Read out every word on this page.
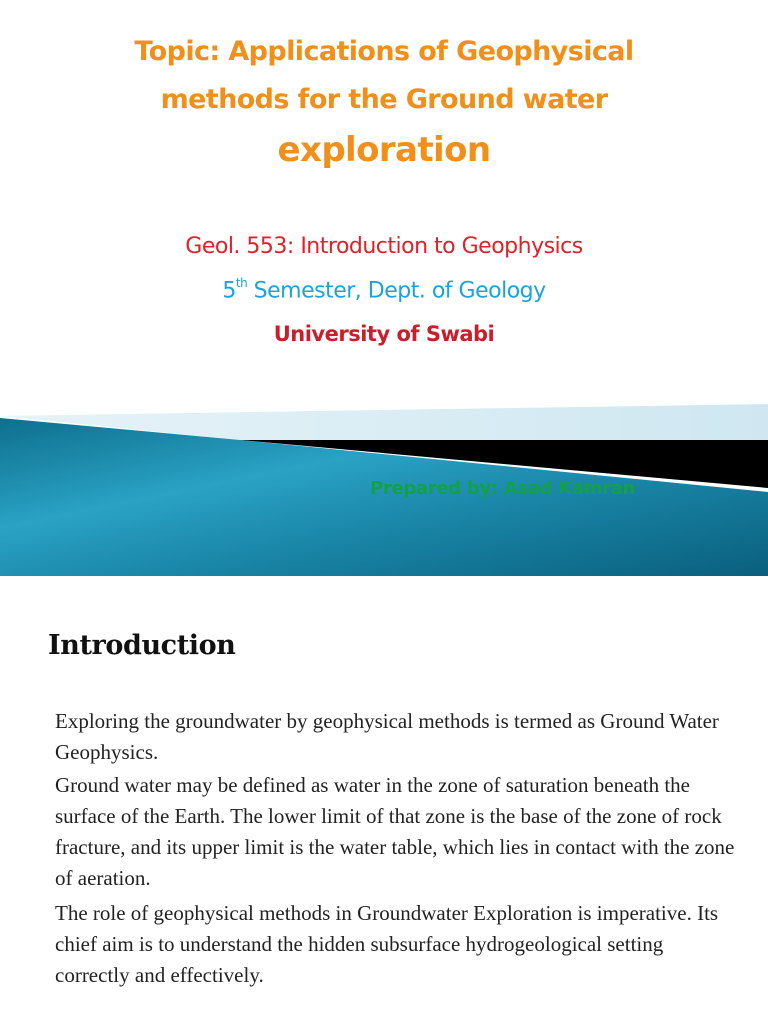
Topic: Applications of Geophysical
methods for the Ground water
exploration
Geol. 553: Introduction to Geophysics
5th Semester, Dept. of Geology
University of Swabi
Prepared by: Asad Kamran
Introduction

Exploring the groundwater by geophysical methods is termed as Ground Water Geophysics.

Ground water may be defined as water in the zone of saturation beneath the surface of the Earth. The lower limit of that zone is the base of the zone of rock fracture, and its upper limit is the water table, which lies in contact with the zone of aeration.

The role of geophysical methods in Groundwater Exploration is imperative. Its chief aim is to understand the hidden subsurface hydrogeological setting correctly and effectively.
